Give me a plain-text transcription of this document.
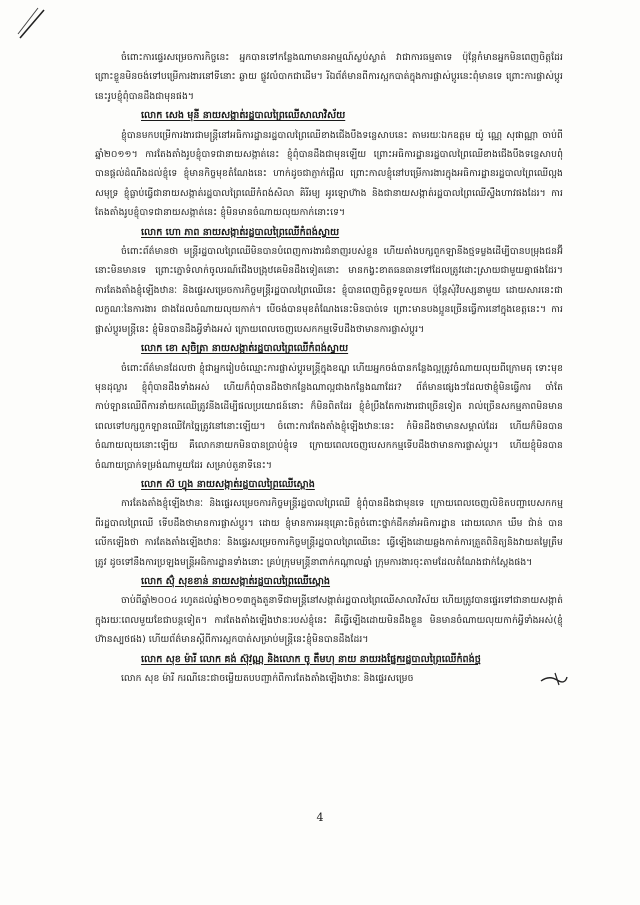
ចំពោះការផ្ទេរសម្រេចការកិច្ចនេះ អ្នកបានទៅកន្លែងណាមានអាម្មណ៍ស្ងប់ស្ងាត់ វាជាការធម្មតាទេ ប៉ុន្តែកំមានអ្នកមិនពេញចិត្តដែរ ព្រោះខ្លួនមិនចង់ទៅបម្រើការងារនៅទីនោះ ឆ្ងាយ ផ្លូវលំបាកជាដើម។ រីឯព័ត៌មានពីការស្អកបាត់ក្នុងការផ្លាស់ប្តូរនេះពុំមានទេ ព្រោះការផ្លាស់ប្តូរនេះរូបខ្ញុំពុំបានដឹងជាមុនផង។

លោក សេង មុនី នាយសង្កាត់រដ្ឋបាលព្រៃឈើសាលាវិស័យ

ខ្ញុំបានមកបម្រើការងារជាមន្ត្រីនៅអធិការដ្ឋានរដ្ឋបាលព្រៃឈើខាងជើងបឹងទន្លេសាបនេះ តាមរយៈឯកឧត្តម យ៉ូ ណ្ណេ សុផាណ្ណា ចាប់ពីឆ្នាំ២០១១។ ការតែងតាំងរូបខ្ញុំបាទជានាយសង្កាត់នេះ ខ្ញុំពុំបានដឹងជាមុនឡើយ ព្រោះអធិការដ្ឋានរដ្ឋបាលព្រៃឈើខាងជើងបឹងទន្លេសាបពុំបានផ្តល់ដំណឹងដល់ខ្ញុំទេ ខ្ញុំមានកិច្ចមុខតំណែងនេះ ហាក់ដូចជាភ្ញាក់ផ្អើល ព្រោះកាលខ្ញុំនៅបម្រើការងារក្នុងអធិការដ្ឋានរដ្ឋបាលព្រៃឈើល្អងសមុទ្រ ខ្ញុំធ្លាប់ធ្វើជានាយសង្កាត់រដ្ឋបាលព្រៃឈើកំពង់សិលា គិរីរម្យ អូរឡោហ៊ាង និងជានាយសង្កាត់រដ្ឋបាលព្រៃឈើស្ទឹងហាវផងដែរ។ ការតែងតាំងរូបខ្ញុំបាទជានាយសង្កាត់នេះ ខ្ញុំមិនមានចំណាយលុយកាក់នោះទេ។

លោក ហោ ភាព នាយសង្កាត់រដ្ឋបាលព្រៃឈើកំពង់ស្វាយ

ចំពោះព័ត៌មានថា មន្ត្រីរដ្ឋបាលព្រៃឈើមិនបានបំពេញការងារជំនាញរបស់ខ្លួន ហើយតាំងបក្សពួកឡានីងថ្មទម្លងដើម្បីបានបម្រុងជនអ៊ីនោះមិនមានទេ ព្រោះភ្នោទំលាក់ចូលរណ៍ជើងបង្រុឋគេមិនដឹងទៀតនោះ មានកង្វះខាតធនធានទៅដែលត្រូវដោះស្រាយជាមួយគ្នាផងដែរ។ ការតែងតាំងខ្ញុំឡើងឋានៈ និងផ្ទេរសម្រេចការកិច្ចមន្ត្រីរដ្ឋបាលព្រៃឈើនេះ ខ្ញុំបានពេញចិត្តទទួលយក ប៉ុន្តែសុំវិបស្សនាមួយ ដោយសារនេះជាលក្ខណៈនៃការងារ ជាងដែលចំណាយលុយកាក់។ បើចង់បានមុខតំណែងនេះមិនបាច់ទេ ព្រោះមានបងប្អូនច្រើនធ្វើការនៅក្នុងខេត្តនេះ។ ការផ្លាស់ប្តូរមន្ត្រីនេះ ខ្ញុំមិនបានដឹងអ្វីទាំងអស់ ក្រោយពេលចេញបេសកកម្មទើបដឹងថាមានការផ្លាស់ប្តូរ។

លោក ខោ សុចិត្រា នាយសង្កាត់រដ្ឋបាលព្រៃឈើកំពង់ស្វាយ

ចំពោះព័ត៌មានដែលថា ខ្ញុំជាអ្នករៀបចំឈ្មោះការផ្លាស់ប្តូរមន្ត្រីក្នុងខណ្ឌ ហើយអ្នកចង់បានកន្លែងល្អត្រូវចំណាយលុយពីក្រោមតុ ទោះមុខមុនដុល្លារ ខ្ញុំពុំបានដឹងទាំងអស់ ហើយក៏ពុំបានដឹងថាកន្លែងណាល្អជាងកន្លែងណាដែរ? ព័ត៌មានផ្សេងៗដែលថាខ្ញុំមិនធ្វើការ ចាំតែកាប់ឡានឈើពីការនាំយកឈើត្រូវនីងដើម្បីផលប្រយោជន៍នោះ ក៏មិនពិតដែរ ខ្ញុំខំប្រឹងតែការងារជាច្រើនទៀត រាល់ច្រើនសកម្មភាពមិនមានពេលទៅបក្សពួកឡានឈើកែច្នៃត្រូវនៅនោះឡើយ។ ចំពោះការតែងតាំងខ្ញុំឡើងឋានៈនេះ កំមិនដឹងថាមានសម្គាល់ដែរ ហើយក៏មិនបានចំណាយលុយនោះឡើយ គឺលោកនាយកមិនបានប្រាប់ខ្ញុំទេ ក្រោយពេលចេញបេសកកម្មទើបដឹងថាមានការផ្លាស់ប្តូរ។ ហើយខ្ញុំមិនបានចំណាយប្រាក់ទម្រង់ណាមួយដែរ សម្រាប់តួនាទីនេះ។

លោក ស៊ ហ្វុង នាយសង្កាត់រដ្ឋបាលព្រៃឈើស្ពោង

ការតែងតាំងខ្ញុំឡើងឋានៈ និងផ្ទេរសម្រេចការកិច្ចមន្ត្រីរដ្ឋបាលព្រៃឈើ ខ្ញុំពុំបានដឹងជាមុនទេ ក្រោយពេលចេញលិខិតបញ្ជាបេសកកម្មពីរដ្ឋបាលព្រៃឈើ ទើបដឹងថាមានការផ្លាស់ប្តូរ។ ដោយ ខ្ញុំមានការអនុគ្រោះចិត្តចំពោះថ្នាក់ដឹកនាំអធិការដ្ឋាន ដោយលោក ឃឹម ជ៉ាន់ បានលើកឡើងថា ការតែងតាំងឡើងឋានៈ និងផ្ទេរសម្រេចការកិច្ចមន្ត្រីរដ្ឋបាលព្រៃឈើនេះ ធ្វើឡើងដោយឆ្លងកាត់ការត្រួតពិនិត្យនិងវាយតម្លៃត្រឹមត្រូវ ដូចទៅនឹងការប្រឡងមន្ត្រីអធិការដ្ឋានទាំងនោះ គ្រប់ក្រុមមន្ត្រីនាពាក់កណ្តាលឆ្នាំ ក្រុមការងារចុះតាមដែលតំណែងជាក់ស្តែងផង។

លោក ស៊ុំ សុខខាន់ នាយសង្កាត់រដ្ឋបាលព្រៃឈើស្ពោង

ចាប់ពីឆ្នាំ២០០៤ រហូតដល់ឆ្នាំ២០១៣ក្នុងតួនាទីជាមន្ត្រីនៅសង្កាត់រដ្ឋបាលព្រៃឈើសាលាវិស័យ ហើយត្រូវបានផ្ទេរទៅជានាយសង្កាត់ក្នុងរយៈពេលមួយខែជាបន្តទៀត។ ការតែងតាំងឡើងឋានៈរបស់ខ្ញុំនេះ គឺធ្វើឡើងដោយមិនដឹងខ្លួន មិនមានចំណាយលុយកាក់អ្វីទាំងអស់(ខ្ញុំហ៊ានស្បថផង) ហើយព័ត៌មានស្តីពីការស្អកបាត់សម្រាប់មន្ត្រីនេះខ្ញុំមិនបានដឹងដែរ។

លោក សុខ ម៉ារី លោក គង់ ស៊ុវណ្ណ និងលោក ចូ តឹមហុ នាយ នាយរងផ្នែករដ្ឋបាលព្រៃឈើកំពង់ថ្ម

លោក សុខ ម៉ារី ករណីនេះជាចម្លើយតបបញ្ជាក់ពីការតែងតាំងឡើងឋានៈ និងផ្ទេរសម្រេច

4
